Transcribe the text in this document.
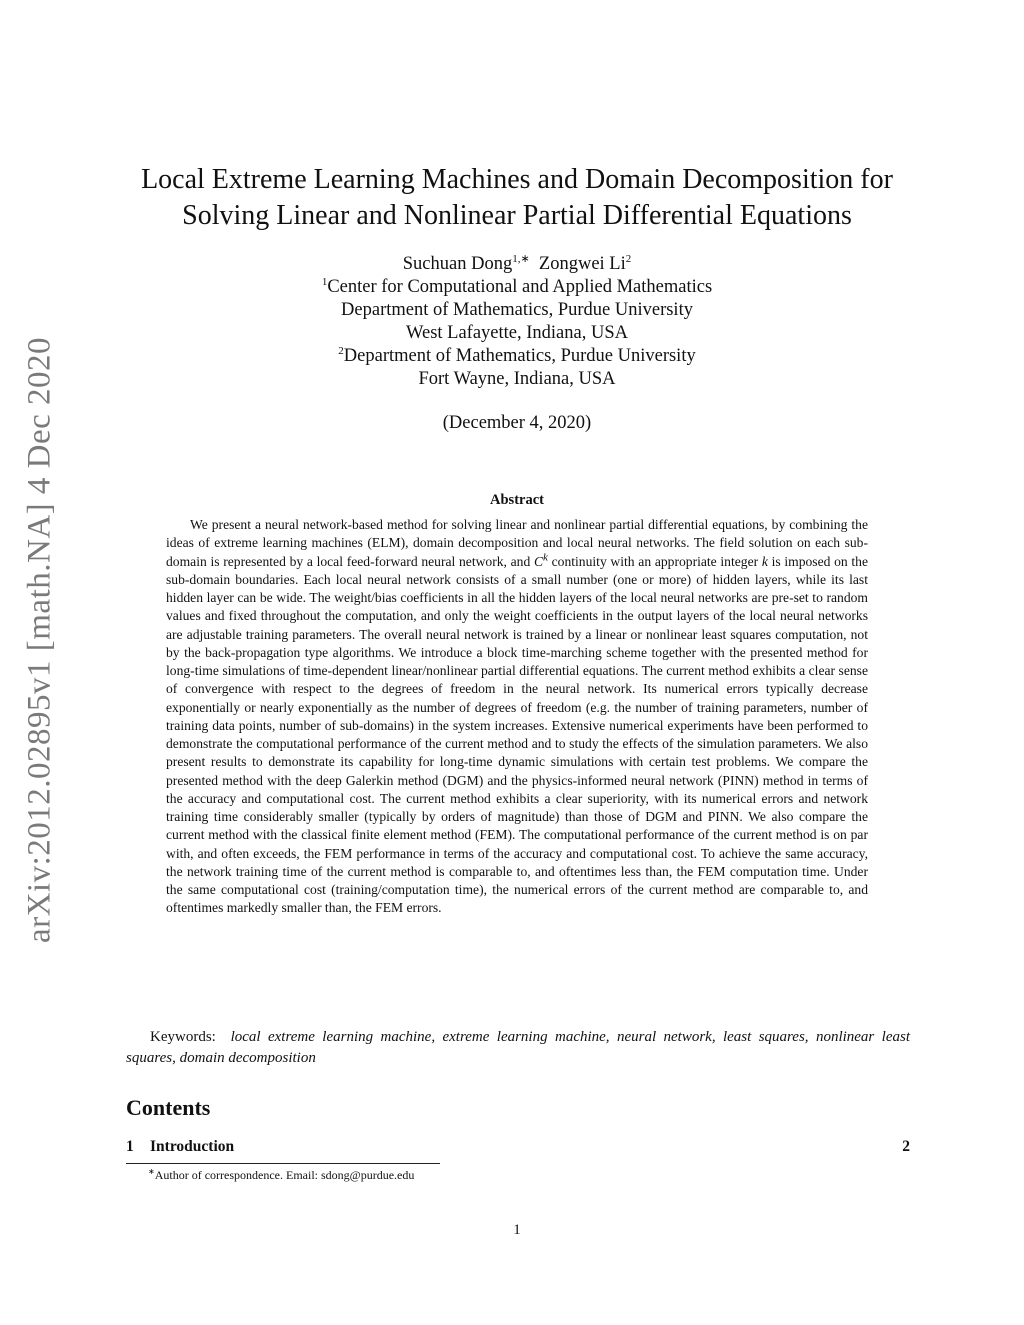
arXiv:2012.02895v1 [math.NA] 4 Dec 2020
Local Extreme Learning Machines and Domain Decomposition for
Solving Linear and Nonlinear Partial Differential Equations
Suchuan Dong$^{1,∗}$ Zongwei Li$^2$
$^1$Center for Computational and Applied Mathematics
Department of Mathematics, Purdue University
West Lafayette, Indiana, USA
$^2$Department of Mathematics, Purdue University
Fort Wayne, Indiana, USA
(December 4, 2020)
Abstract
We present a neural network-based method for solving linear and nonlinear partial differential equations, by combining the ideas of extreme learning machines (ELM), domain decomposition and local neural networks. The field solution on each sub-domain is represented by a local feed-forward neural network, and $C^k$ continuity with an appropriate integer k is imposed on the sub-domain boundaries. Each local neural network consists of a small number (one or more) of hidden layers, while its last hidden layer can be wide. The weight/bias coefficients in all the hidden layers of the local neural networks are pre-set to random values and fixed throughout the computation, and only the weight coefficients in the output layers of the local neural networks are adjustable training parameters. The overall neural network is trained by a linear or nonlinear least squares computation, not by the back-propagation type algorithms. We introduce a block time-marching scheme together with the presented method for long-time simulations of time-dependent linear/nonlinear partial differential equations. The current method exhibits a clear sense of convergence with respect to the degrees of freedom in the neural network. Its numerical errors typically decrease exponentially or nearly exponentially as the number of degrees of freedom (e.g. the number of training parameters, number of training data points, number of sub-domains) in the system increases. Extensive numerical experiments have been performed to demonstrate the computational performance of the current method and to study the effects of the simulation parameters. We also present results to demonstrate its capability for long-time dynamic simulations with certain test problems. We compare the presented method with the deep Galerkin method (DGM) and the physics-informed neural network (PINN) method in terms of the accuracy and computational cost. The current method exhibits a clear superiority, with its numerical errors and network training time considerably smaller (typically by orders of magnitude) than those of DGM and PINN. We also compare the current method with the classical finite element method (FEM). The computational performance of the current method is on par with, and often exceeds, the FEM performance in terms of the accuracy and computational cost. To achieve the same accuracy, the network training time of the current method is comparable to, and oftentimes less than, the FEM computation time. Under the same computational cost (training/computation time), the numerical errors of the current method are comparable to, and oftentimes markedly smaller than, the FEM errors.
Keywords: local extreme learning machine, extreme learning machine, neural network, least squares, nonlinear least squares, domain decomposition
Contents
1 Introduction	2
∗Author of correspondence. Email: sdong@purdue.edu
1
